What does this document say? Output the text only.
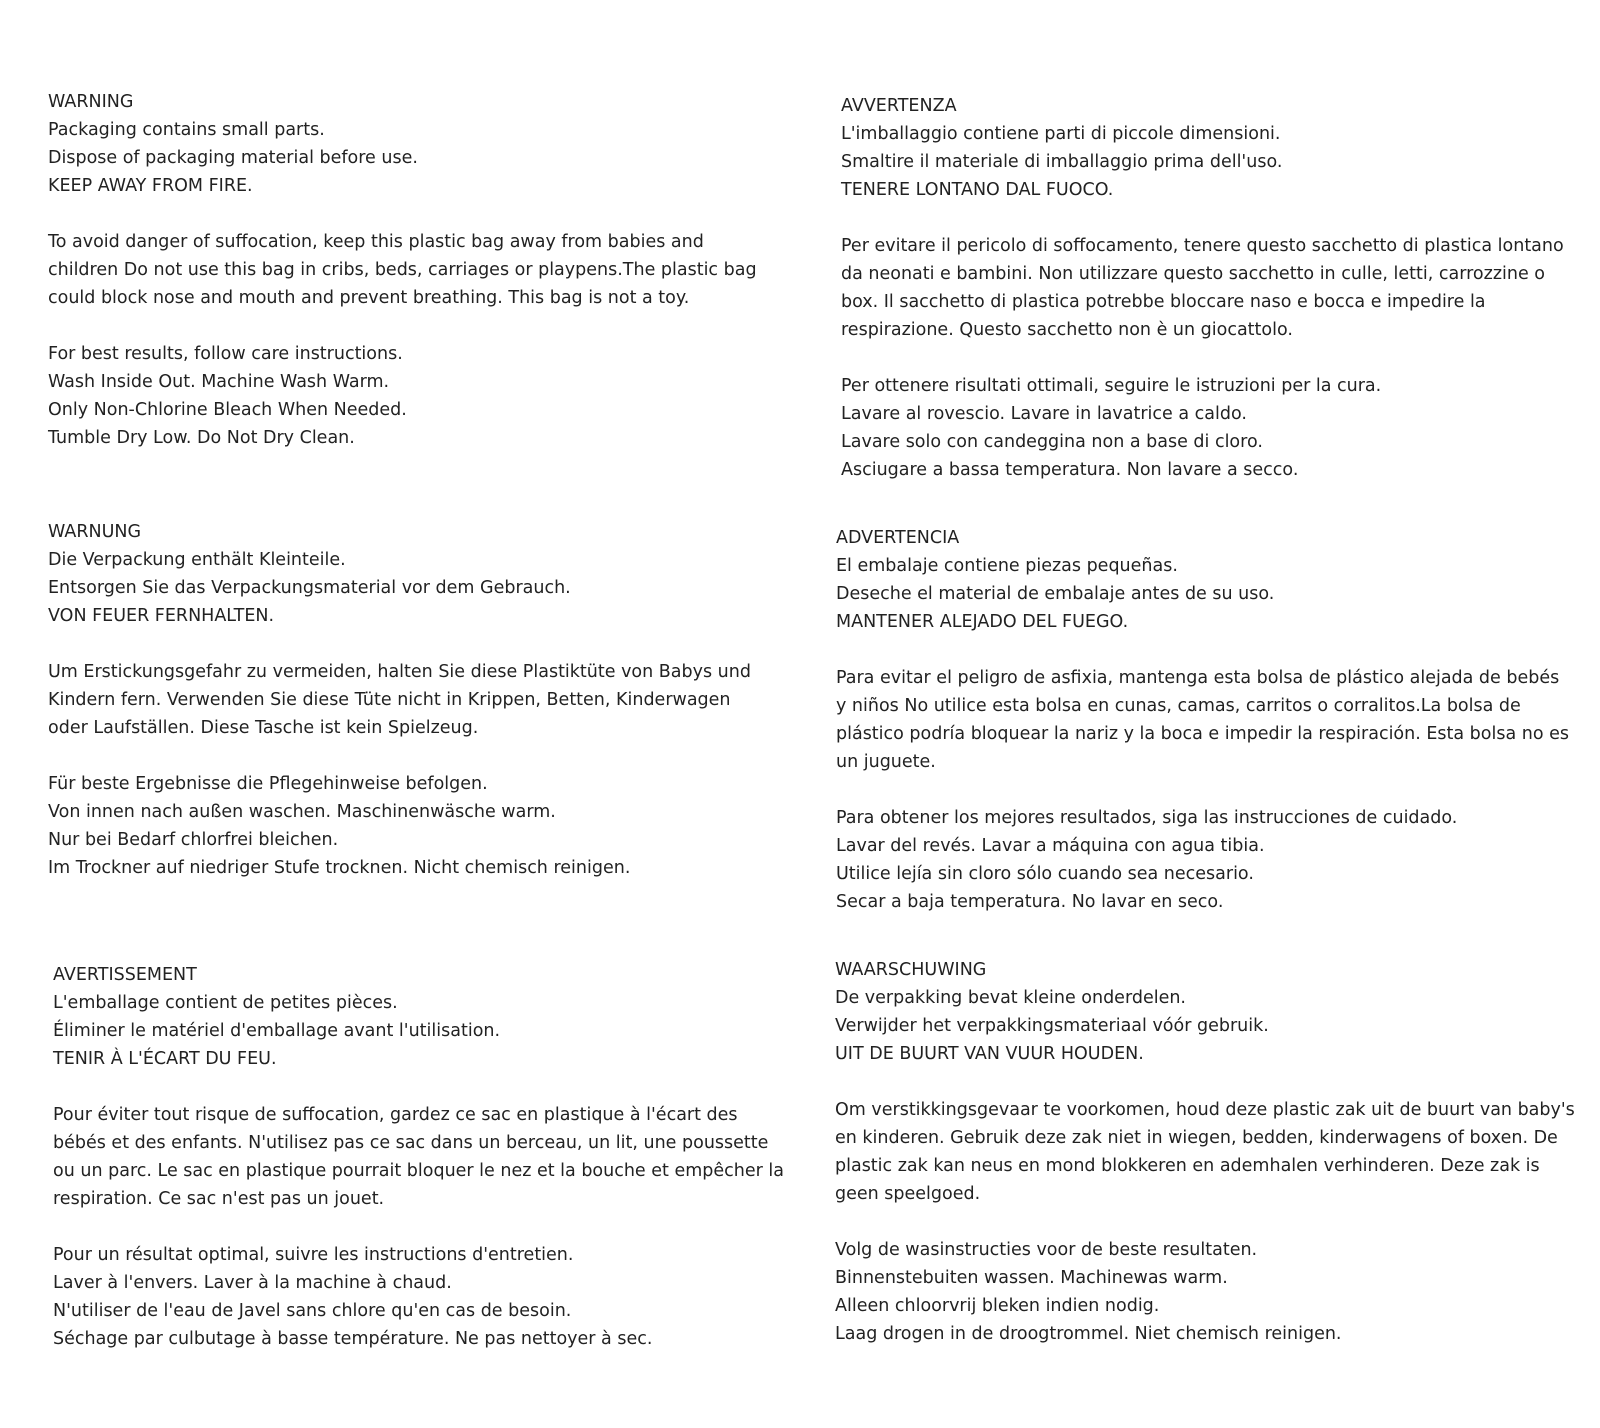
WARNING

Packaging contains small parts.

Dispose of packaging material before use.

KEEP AWAY FROM FIRE.

To avoid danger of suffocation, keep this plastic bag away from babies and children Do not use this bag in cribs, beds, carriages or playpens.The plastic bag could block nose and mouth and prevent breathing. This bag is not a toy.

For best results, follow care instructions.

Wash Inside Out. Machine Wash Warm.

Only Non-Chlorine Bleach When Needed.

Tumble Dry Low. Do Not Dry Clean.

AVVERTENZA

L'imballaggio contiene parti di piccole dimensioni.

Smaltire il materiale di imballaggio prima dell'uso.

TENERE LONTANO DAL FUOCO.

Per evitare il pericolo di soffocamento, tenere questo sacchetto di plastica lontano da neonati e bambini. Non utilizzare questo sacchetto in culle, letti, carrozzine o box. Il sacchetto di plastica potrebbe bloccare naso e bocca e impedire la respirazione. Questo sacchetto non è un giocattolo.

Per ottenere risultati ottimali, seguire le istruzioni per la cura.

Lavare al rovescio. Lavare in lavatrice a caldo.

Lavare solo con candeggina non a base di cloro.

Asciugare a bassa temperatura. Non lavare a secco.

WARNUNG

Die Verpackung enthält Kleinteile.

Entsorgen Sie das Verpackungsmaterial vor dem Gebrauch.

VON FEUER FERNHALTEN.

Um Erstickungsgefahr zu vermeiden, halten Sie diese Plastiktüte von Babys und Kindern fern. Verwenden Sie diese Tüte nicht in Krippen, Betten, Kinderwagen oder Laufställen. Diese Tasche ist kein Spielzeug.

Für beste Ergebnisse die Pflegehinweise befolgen.

Von innen nach außen waschen. Maschinenwäsche warm.

Nur bei Bedarf chlorfrei bleichen.

Im Trockner auf niedriger Stufe trocknen. Nicht chemisch reinigen.

ADVERTENCIA

El embalaje contiene piezas pequeñas.

Deseche el material de embalaje antes de su uso.

MANTENER ALEJADO DEL FUEGO.

Para evitar el peligro de asfixia, mantenga esta bolsa de plástico alejada de bebés y niños No utilice esta bolsa en cunas, camas, carritos o corralitos.La bolsa de plástico podría bloquear la nariz y la boca e impedir la respiración. Esta bolsa no es un juguete.

Para obtener los mejores resultados, siga las instrucciones de cuidado.

Lavar del revés. Lavar a máquina con agua tibia.

Utilice lejía sin cloro sólo cuando sea necesario.

Secar a baja temperatura. No lavar en seco.

AVERTISSEMENT

L'emballage contient de petites pièces.

Éliminer le matériel d'emballage avant l'utilisation.

TENIR À L'ÉCART DU FEU.

Pour éviter tout risque de suffocation, gardez ce sac en plastique à l'écart des bébés et des enfants. N'utilisez pas ce sac dans un berceau, un lit, une poussette ou un parc. Le sac en plastique pourrait bloquer le nez et la bouche et empêcher la respiration. Ce sac n'est pas un jouet.

Pour un résultat optimal, suivre les instructions d'entretien.

Laver à l'envers. Laver à la machine à chaud.

N'utiliser de l'eau de Javel sans chlore qu'en cas de besoin.

Séchage par culbutage à basse température. Ne pas nettoyer à sec.

WAARSCHUWING

De verpakking bevat kleine onderdelen.

Verwijder het verpakkingsmateriaal vóór gebruik.

UIT DE BUURT VAN VUUR HOUDEN.

Om verstikkingsgevaar te voorkomen, houd deze plastic zak uit de buurt van baby's en kinderen. Gebruik deze zak niet in wiegen, bedden, kinderwagens of boxen. De plastic zak kan neus en mond blokkeren en ademhalen verhinderen. Deze zak is geen speelgoed.

Volg de wasinstructies voor de beste resultaten.

Binnenstebuiten wassen. Machinewas warm.

Alleen chloorvrij bleken indien nodig.

Laag drogen in de droogtrommel. Niet chemisch reinigen.
